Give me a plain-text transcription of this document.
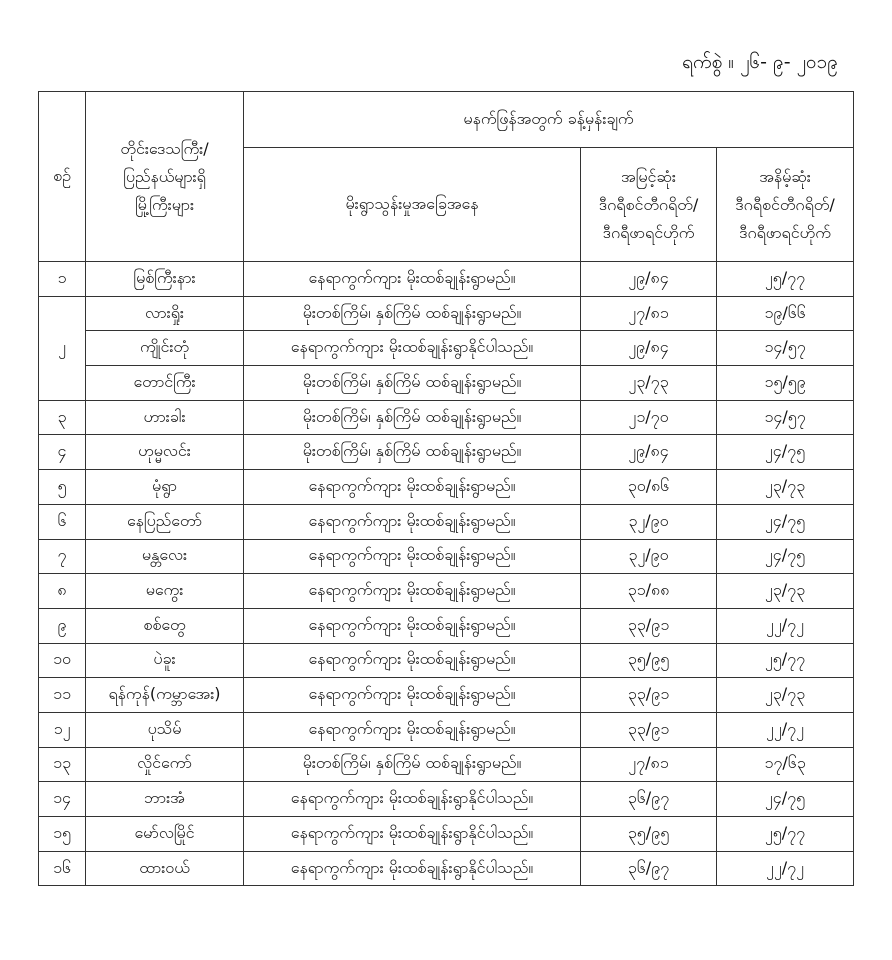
ရက်စွဲ ။ ၂၆- ၉- ၂၀၁၉
စဉ်	တိုင်းဒေသကြီး/
ပြည်နယ်များရှိ
မြို့ကြီးများ	မနက်ဖြန်အတွက် ခန့်မှန်းချက်		
		မိုးရွာသွန်းမှုအခြေအနေ	အမြင့်ဆုံး
ဒီဂရီစင်တီဂရိတ်/
ဒီဂရီဖာရင်ဟိုက်	အနိမ့်ဆုံး
ဒီဂရီစင်တီဂရိတ်/
ဒီဂရီဖာရင်ဟိုက်

၁	မြစ်ကြီးနား	နေရာကွက်ကျား မိုးထစ်ချုန်းရွာမည်။	၂၉/၈၄	၂၅/၇၇
၂	လားရှိုး	မိုးတစ်ကြိမ်၊ နှစ်ကြိမ် ထစ်ချုန်းရွာမည်။	၂၇/၈၁	၁၉/၆၆
	ကျိုင်းတုံ	နေရာကွက်ကျား မိုးထစ်ချုန်းရွာနိုင်ပါသည်။	၂၉/၈၄	၁၄/၅၇
	တောင်ကြီး	မိုးတစ်ကြိမ်၊ နှစ်ကြိမ် ထစ်ချုန်းရွာမည်။	၂၃/၇၃	၁၅/၅၉
၃	ဟားခါး	မိုးတစ်ကြိမ်၊ နှစ်ကြိမ် ထစ်ချုန်းရွာမည်။	၂၁/၇၀	၁၄/၅၇
၄	ဟုမ္မလင်း	မိုးတစ်ကြိမ်၊ နှစ်ကြိမ် ထစ်ချုန်းရွာမည်။	၂၉/၈၄	၂၄/၇၅
၅	မုံရွာ	နေရာကွက်ကျား မိုးထစ်ချုန်းရွာမည်။	၃၀/၈၆	၂၃/၇၃
၆	နေပြည်တော်	နေရာကွက်ကျား မိုးထစ်ချုန်းရွာမည်။	၃၂/၉၀	၂၄/၇၅
၇	မန္တလေး	နေရာကွက်ကျား မိုးထစ်ချုန်းရွာမည်။	၃၂/၉၀	၂၄/၇၅
၈	မကွေး	နေရာကွက်ကျား မိုးထစ်ချုန်းရွာမည်။	၃၁/၈၈	၂၃/၇၃
၉	စစ်တွေ	နေရာကွက်ကျား မိုးထစ်ချုန်းရွာမည်။	၃၃/၉၁	၂၂/၇၂
၁၀	ပဲခူး	နေရာကွက်ကျား မိုးထစ်ချုန်းရွာမည်။	၃၅/၉၅	၂၅/၇၇
၁၁	ရန်ကုန်(ကမ္ဘာအေး)	နေရာကွက်ကျား မိုးထစ်ချုန်းရွာမည်။	၃၃/၉၁	၂၃/၇၃
၁၂	ပုသိမ်	နေရာကွက်ကျား မိုးထစ်ချုန်းရွာမည်။	၃၃/၉၁	၂၂/၇၂
၁၃	လှိုင်ကော်	မိုးတစ်ကြိမ်၊ နှစ်ကြိမ် ထစ်ချုန်းရွာမည်။	၂၇/၈၁	၁၇/၆၃
၁၄	ဘားအံ	နေရာကွက်ကျား မိုးထစ်ချုန်းရွာနိုင်ပါသည်။	၃၆/၉၇	၂၄/၇၅
၁၅	မော်လမြိုင်	နေရာကွက်ကျား မိုးထစ်ချုန်းရွာနိုင်ပါသည်။	၃၅/၉၅	၂၅/၇၇
၁၆	ထားဝယ်	နေရာကွက်ကျား မိုးထစ်ချုန်းရွာနိုင်ပါသည်။	၃၆/၉၇	၂၂/၇၂
